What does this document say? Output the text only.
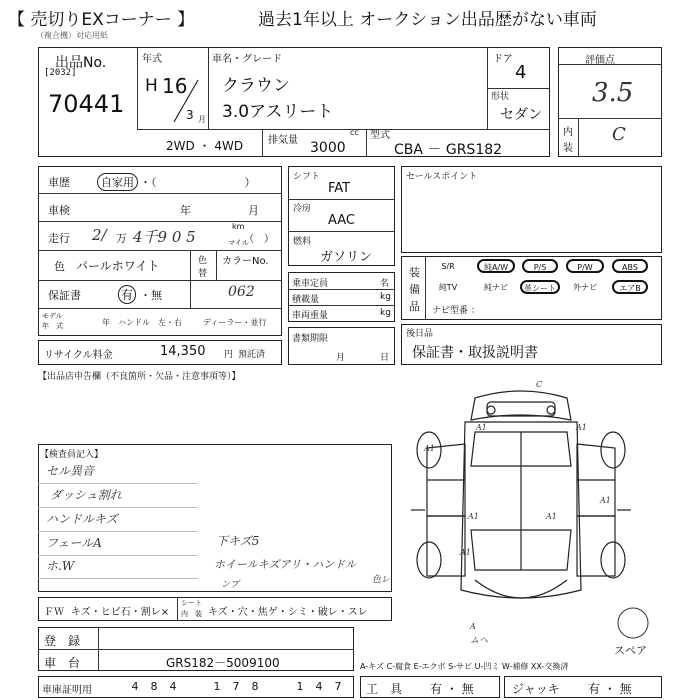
【 売切りEXコーナー 】	過去1年以上 オークション出品歴がない車両
（複合機）対応用紙
出品No.
[2032]
70441
年式
H 16
3 月
車名・グレード
クラウン
3.0アスリート
ドア
4
形状
セダン
2WD ・ 4WD 排気量
cc
3000
型式
CBA － GRS182
評価点
3.5
内
装
C
車歴	自家用 ・（　　　　　　　　）
車検	年	月
走行 2/ 万 4千9 0 5
km
マイル
（　）
色 パールホワイト	色
替
カラーNo.
062
保証書	有 ・無
モデル
年　式	年 ハンドル　左・右	ディーラー・並行
リサイクル料金	14,350 円 預託済
シフト
FAT
冷房
AAC
燃料
ガソリン
乗車定員	名
積載量	kg
車両重量	kg
書類期限
月	日
セールスポイント
装
備
品
S/R	純A/W	P/S	P/W	ABS
純TV	純ナビ	革シート	外ナビ	エアB
ナビ型番 ：
後日品
保証書・取扱説明書
【出品店申告欄（不良箇所・欠品・注意事項等）】
【検査員記入】
セル異音
ダッシュ割れ
ハンドルキズ
フェールA
ホ.W
下キズ5
ホイールキズアリ・ハンドル
ンブ	色レ
ムヘ
A1	A1
A1
A1
A1	A1
A1
C
A
スペア
ＦＷ キズ・ヒビ石・割レ×
シート
内　装 キズ・穴・焦ゲ・シミ・破レ・スレ
登　録
車　台	GRS182－5009100	A-キズ C-腐食 E-エクボ S-サビ U-凹ミ W-補修 XX-交換済
車庫証明用	4 8 4	1 7 8	1 4 7 工　具 有 ・ 無	ジャッキ 有 ・ 無
